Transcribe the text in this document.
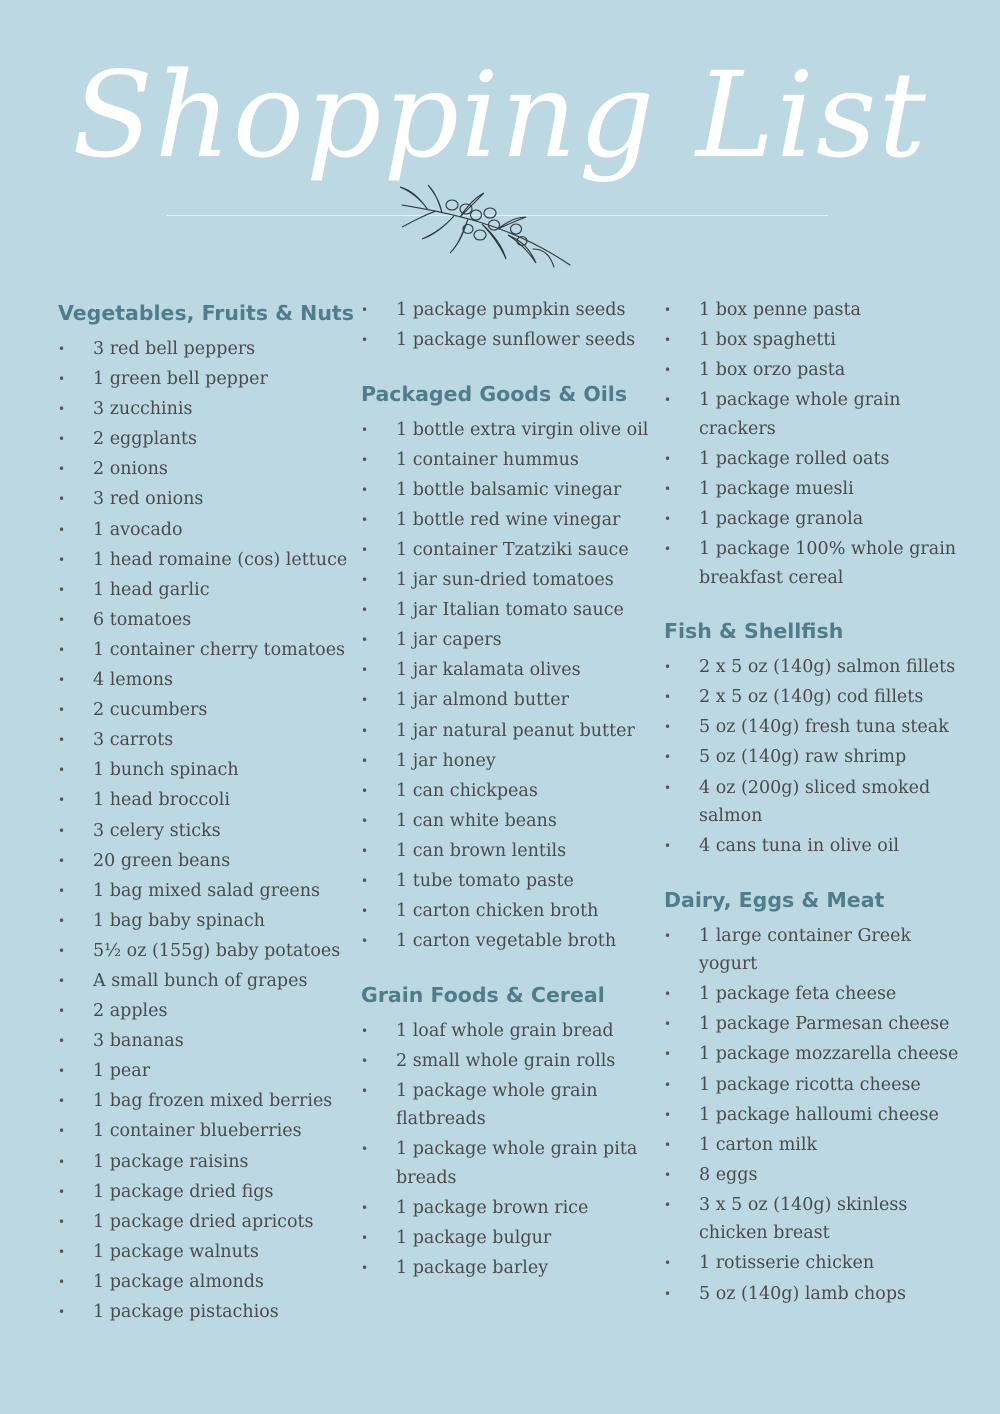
Shopping List
Vegetables, Fruits & Nuts
• 3 red bell peppers
• 1 green bell pepper
• 3 zucchinis
• 2 eggplants
• 2 onions
• 3 red onions
• 1 avocado
• 1 head romaine (cos) lettuce
• 1 head garlic
• 6 tomatoes
• 1 container cherry tomatoes
• 4 lemons
• 2 cucumbers
• 3 carrots
• 1 bunch spinach
• 1 head broccoli
• 3 celery sticks
• 20 green beans
• 1 bag mixed salad greens
• 1 bag baby spinach
• 5½ oz (155g) baby potatoes
• A small bunch of grapes
• 2 apples
• 3 bananas
• 1 pear
• 1 bag frozen mixed berries
• 1 container blueberries
• 1 package raisins
• 1 package dried figs
• 1 package dried apricots
• 1 package walnuts
• 1 package almonds
• 1 package pistachios
• 1 package pumpkin seeds
• 1 package sunflower seeds
Packaged Goods & Oils
• 1 bottle extra virgin olive oil
• 1 container hummus
• 1 bottle balsamic vinegar
• 1 bottle red wine vinegar
• 1 container Tzatziki sauce
• 1 jar sun-dried tomatoes
• 1 jar Italian tomato sauce
• 1 jar capers
• 1 jar kalamata olives
• 1 jar almond butter
• 1 jar natural peanut butter
• 1 jar honey
• 1 can chickpeas
• 1 can white beans
• 1 can brown lentils
• 1 tube tomato paste
• 1 carton chicken broth
• 1 carton vegetable broth
Grain Foods & Cereal
• 1 loaf whole grain bread
• 2 small whole grain rolls
• 1 package whole grain flatbreads
• 1 package whole grain pita breads
• 1 package brown rice
• 1 package bulgur
• 1 package barley
• 1 box penne pasta
• 1 box spaghetti
• 1 box orzo pasta
• 1 package whole grain crackers
• 1 package rolled oats
• 1 package muesli
• 1 package granola
• 1 package 100% whole grain breakfast cereal
Fish & Shellfish
• 2 x 5 oz (140g) salmon fillets
• 2 x 5 oz (140g) cod fillets
• 5 oz (140g) fresh tuna steak
• 5 oz (140g) raw shrimp
• 4 oz (200g) sliced smoked salmon
• 4 cans tuna in olive oil
Dairy, Eggs & Meat
• 1 large container Greek yogurt
• 1 package feta cheese
• 1 package Parmesan cheese
• 1 package mozzarella cheese
• 1 package ricotta cheese
• 1 package halloumi cheese
• 1 carton milk
• 8 eggs
• 3 x 5 oz (140g) skinless chicken breast
• 1 rotisserie chicken
• 5 oz (140g) lamb chops
